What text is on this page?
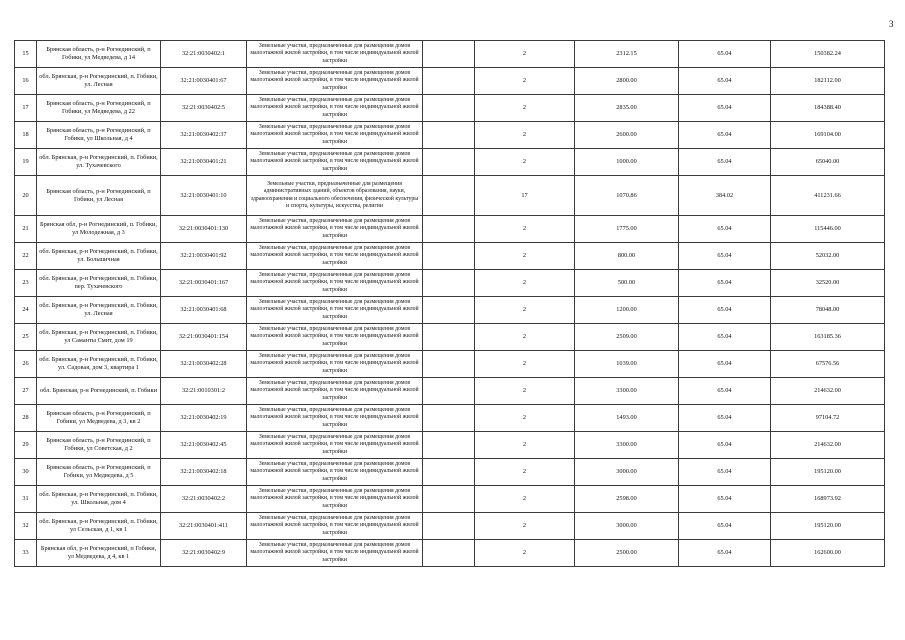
3
15	Брянская область, р-н Рогнединский, п Гобики, ул Медведева, д 14	32:21:0030402:1	Земельные участки, предназначенные для размещения домов малоэтажной жилой застройки, в том числе индивидуальной жилой застройки		2	2312.15	65.04	150382.24
16	обл. Брянская, р-н Рогнединский, п. Гобики, ул. Лесная	32:21:0030401:67	Земельные участки, предназначенные для размещения домов малоэтажной жилой застройки, в том числе индивидуальной жилой застройки		2	2800.00	65.04	182112.00
17	Брянская область, р-н Рогнединский, п Гобики, ул Медведева, д 22	32:21:0030402:5	Земельные участки, предназначенные для размещения домов малоэтажной жилой застройки, в том числе индивидуальной жилой застройки		2	2835.00	65.04	184388.40
18	Брянская область, р-н Рогнединский, п Гобики, ул Школьная, д 4	32:21:0030402:37	Земельные участки, предназначенные для размещения домов малоэтажной жилой застройки, в том числе индивидуальной жилой застройки		2	2600.00	65.04	169104.00
19	обл. Брянская, р-н Рогнединский, п. Гобики, ул. Тухачевского	32:21:0030401:21	Земельные участки, предназначенные для размещения домов малоэтажной жилой застройки, в том числе индивидуальной жилой застройки		2	1000.00	65.04	65040.00
20	Брянская область, р-н Рогнединский, п Гобики, ул Лесная	32:21:0030401:10	Земельные участки, предназначенные для размещения административных зданий, объектов образования, науки, здравоохранения и социального обеспечения, физической культуры и спорта, культуры, искусства, религии		17	1070.86	384.02	411231.66
21	Брянская обл, р-н Рогнединский, п. Гобики, ул Молодежная, д 3	32:21:0030401:130	Земельные участки, предназначенные для размещения домов малоэтажной жилой застройки, в том числе индивидуальной жилой застройки		2	1775.00	65.04	115446.00
22	обл. Брянская, р-н Рогнединский, п. Гобики, ул. Большичная	32:21:0030401:92	Земельные участки, предназначенные для размещения домов малоэтажной жилой застройки, в том числе индивидуальной жилой застройки		2	800.00	65.04	52032.00
23	обл. Брянская, р-н Рогнединский, п. Гобики, пер. Тухачевского	32:21:0030401:167	Земельные участки, предназначенные для размещения домов малоэтажной жилой застройки, в том числе индивидуальной жилой застройки		2	500.00	65.04	32520.00
24	обл. Брянская, р-н Рогнединский, п. Гобики, ул. Лесная	32:21:0030401:68	Земельные участки, предназначенные для размещения домов малоэтажной жилой застройки, в том числе индивидуальной жилой застройки		2	1200.00	65.04	78048.00
25	обл. Брянская, р-н Рогнединский, п. Гобики, ул Саманты Смит, дом 19	32:21:0030401:154	Земельные участки, предназначенные для размещения домов малоэтажной жилой застройки, в том числе индивидуальной жилой застройки		2	2509.00	65.04	163185.36
26	обл. Брянская, р-н Рогнединский, п. Гобики, ул. Садовая, дом 3, квартира 1	32:21:0030402:28	Земельные участки, предназначенные для размещения домов малоэтажной жилой застройки, в том числе индивидуальной жилой застройки		2	1039.00	65.04	67576.56
27	обл. Брянская, р-н Рогнединский, п. Гобики	32:21:0010301:2	Земельные участки, предназначенные для размещения домов малоэтажной жилой застройки, в том числе индивидуальной жилой застройки		2	3300.00	65.04	214632.00
28	Брянская область, р-н Рогнединский, п Гобики, ул Медведева, д 3, кв 2	32:21:0030402:19	Земельные участки, предназначенные для размещения домов малоэтажной жилой застройки, в том числе индивидуальной жилой застройки		2	1493.00	65.04	97104.72
29	Брянская область, р-н Рогнединский, п Гобики, ул Советская, д 2	32:21:0030402:45	Земельные участки, предназначенные для размещения домов малоэтажной жилой застройки, в том числе индивидуальной жилой застройки		2	3300.00	65.04	214632.00
30	Брянская область, р-н Рогнединский, п Гобики, ул Медведева, д 5	32:21:0030402:18	Земельные участки, предназначенные для размещения домов малоэтажной жилой застройки, в том числе индивидуальной жилой застройки		2	3000.00	65.04	195120.00
31	обл. Брянская, р-н Рогнединский, п. Гобики, ул. Школьная, дом 4	32:21:0030402:2	Земельные участки, предназначенные для размещения домов малоэтажной жилой застройки, в том числе индивидуальной жилой застройки		2	2598.00	65.04	168973.92
32	обл. Брянская, р-н Рогнединский, п. Гобики, ул Сельская, д 1, кв 1	32:21:0030401:411	Земельные участки, предназначенные для размещения домов малоэтажной жилой застройки, в том числе индивидуальной жилой застройки		2	3000.00	65.04	195120.00
33	Брянская обл, р-н Рогнединский, п Гобики, ул Медведева, д 4, кв 1	32:21:0030402:9	Земельные участки, предназначенные для размещения домов малоэтажной жилой застройки, в том числе индивидуальной жилой застройки		2	2500.00	65.04	162600.00
